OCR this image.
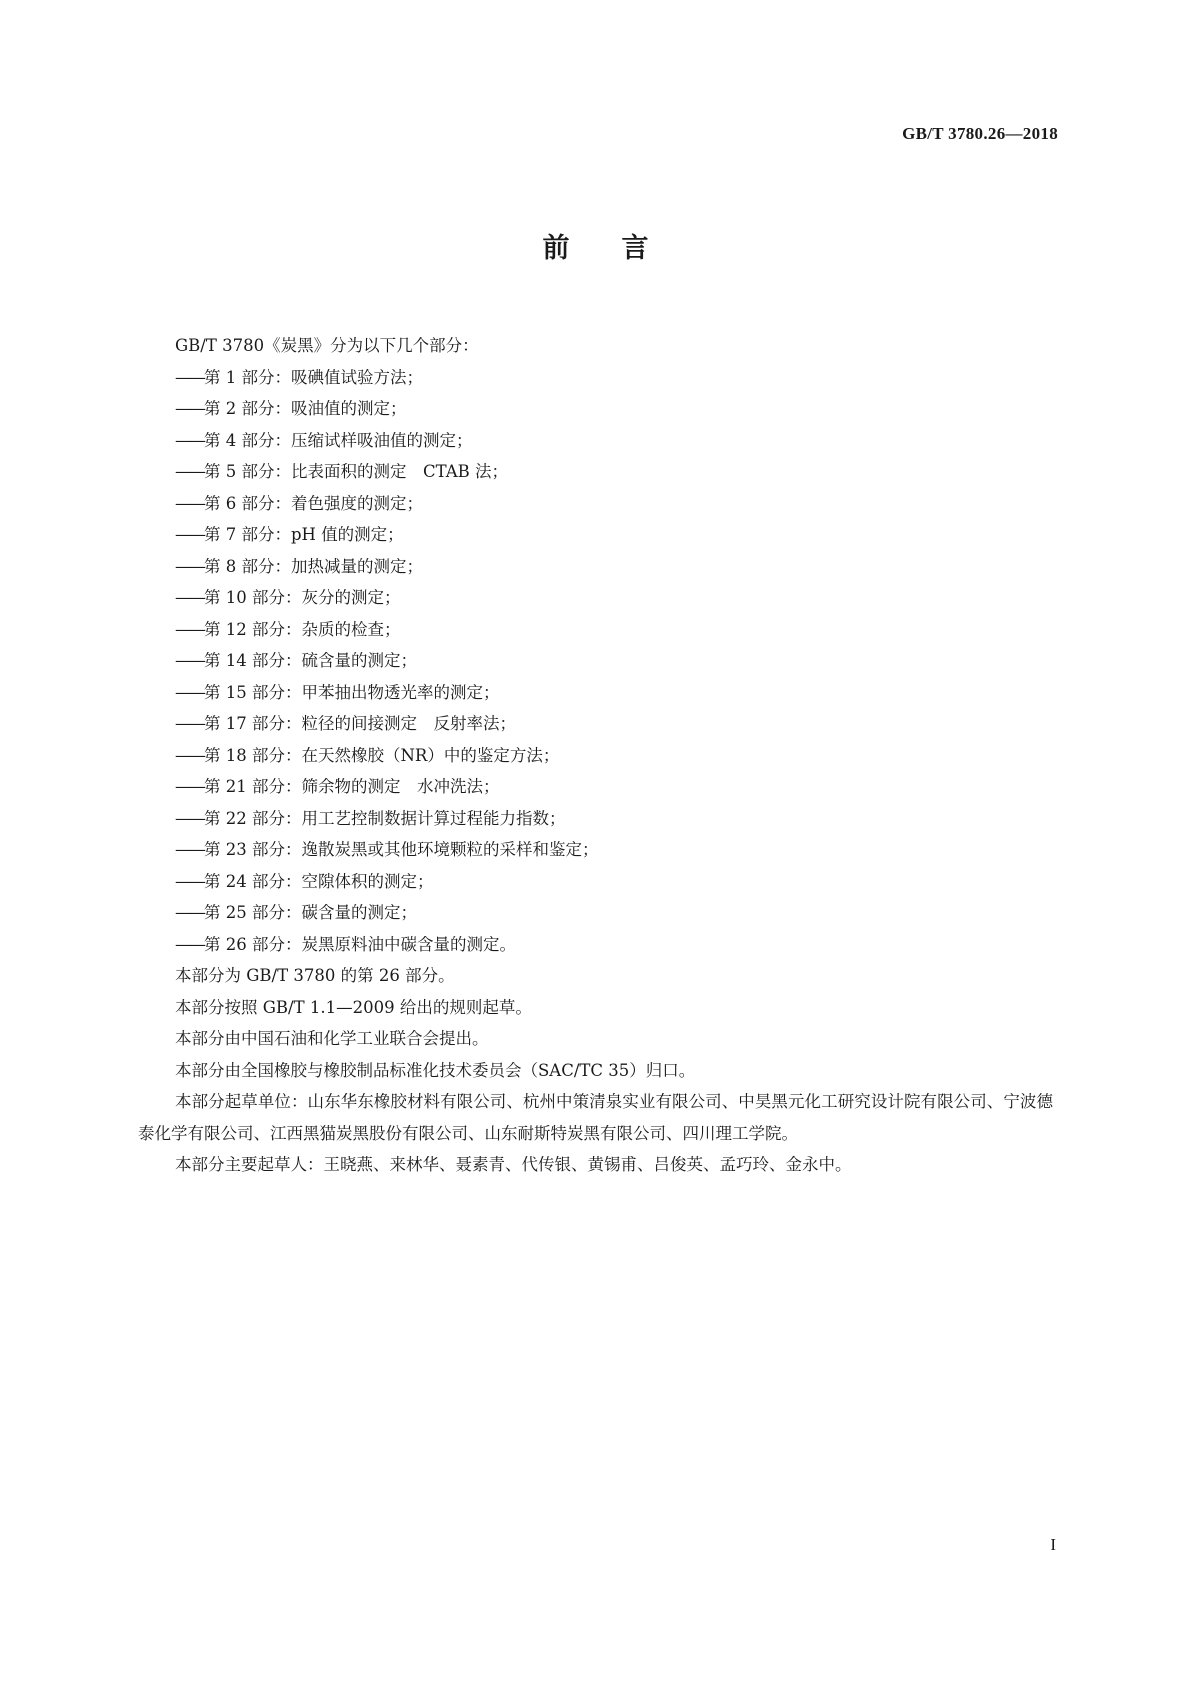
GB/T 3780.26—2018
前言

GB/T 3780《炭黑》分为以下几个部分：

——第 1 部分：吸碘值试验方法；
——第 2 部分：吸油值的测定；
——第 4 部分：压缩试样吸油值的测定；
——第 5 部分：比表面积的测定　CTAB 法；
——第 6 部分：着色强度的测定；
——第 7 部分：pH 值的测定；
——第 8 部分：加热减量的测定；
——第 10 部分：灰分的测定；
——第 12 部分：杂质的检查；
——第 14 部分：硫含量的测定；
——第 15 部分：甲苯抽出物透光率的测定；
——第 17 部分：粒径的间接测定　反射率法；
——第 18 部分：在天然橡胶（NR）中的鉴定方法；
——第 21 部分：筛余物的测定　水冲洗法；
——第 22 部分：用工艺控制数据计算过程能力指数；
——第 23 部分：逸散炭黑或其他环境颗粒的采样和鉴定；
——第 24 部分：空隙体积的测定；
——第 25 部分：碳含量的测定；
——第 26 部分：炭黑原料油中碳含量的测定。

本部分为 GB/T 3780 的第 26 部分。

本部分按照 GB/T 1.1—2009 给出的规则起草。

本部分由中国石油和化学工业联合会提出。

本部分由全国橡胶与橡胶制品标准化技术委员会（SAC/TC 35）归口。

本部分起草单位：山东华东橡胶材料有限公司、杭州中策清泉实业有限公司、中昊黑元化工研究设计院有限公司、宁波德泰化学有限公司、江西黑猫炭黑股份有限公司、山东耐斯特炭黑有限公司、四川理工学院。

本部分主要起草人：王晓燕、来林华、聂素青、代传银、黄锡甫、吕俊英、孟巧玲、金永中。

I
